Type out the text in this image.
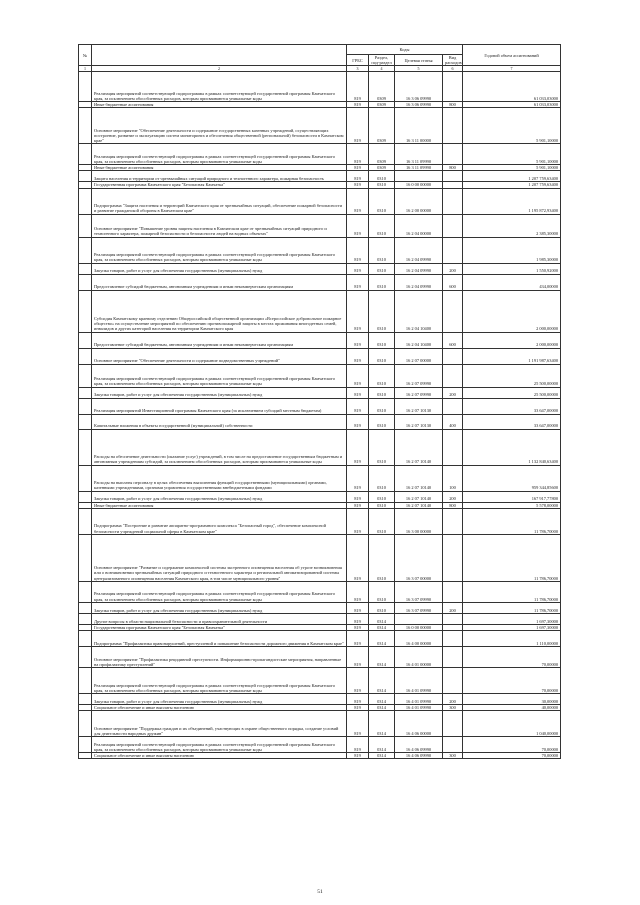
№		Коды				Годовой объем ассигнований
		ГРБС	Раздел, под-раздел	Целевая статья	Вид расходов	
1	2	3	4	5	6	7
	Реализация мероприятий соответствующей подпрограммы в рамках соответствующей государственной программы Камчатского края, за исключением обособленных расходов, которым присваиваются уникальные коды	819	0309	16 3 06 09990		61 033,03000
	Иные бюджетные ассигнования	819	0309	16 3 06 09990	800	61 033,03000
	Основное мероприятие "Обеспечение деятельности и содержание государственных казенных учреждений, осуществляющих построение, развитие и эксплуатацию систем мониторинга и обеспечения общественной (региональной) безопасности в Камчатском крае"	819	0309	16 3 11 00000		5 901,10000
	Реализация мероприятий соответствующей подпрограммы в рамках соответствующей государственной программы Камчатского края, за исключением обособленных расходов, которым присваиваются уникальные коды	819	0309	16 3 11 09990		5 901,10000
	Иные бюджетные ассигнования	819	0309	16 3 11 09990	800	5 901,10000
	Защита населения и территории от чрезвычайных ситуаций природного и техногенного характера, пожарная безопасность	819	0310			1 207 759,63400
	Государственная программа Камчатского края "Безопасная Камчатка"	819	0310	16 0 00 00000		1 207 759,63400
	Подпрограмма "Защита населения и территорий Камчатского края от чрезвычайных ситуаций, обеспечение пожарной безопасности и развитие гражданской обороны в Камчатском крае"	819	0310	16 2 00 00000		1 195 872,93400
	Основное мероприятие "Повышение уровня защиты населения в Камчатском крае от чрезвычайных ситуаций природного и техногенного характера, пожарной безопасности и безопасности людей на водных объектах"	819	0310	16 2 04 00000		2 385,30000
	Реализация мероприятий соответствующей подпрограммы в рамках соответствующей государственной программы Камчатского края, за исключением обособленных расходов, которым присваиваются уникальные коды	819	0310	16 2 04 09990		1 985,30000
	Закупка товаров, работ и услуг для обеспечения государственных (муниципальных) нужд	819	0310	16 2 04 09990	200	1 550,92000
	Предоставление субсидий бюджетным, автономным учреждениям и иным некоммерческим организациям	819	0310	16 2 04 09990	600	434,00000
	Субсидия Камчатскому краевому отделению Общероссийской общественной организации «Всероссийское добровольное пожарное общество» на осуществление мероприятий по обеспечению противопожарной защиты в местах проживания многодетных семей, инвалидов и других категорий населения на территории Камчатского края	819	0310	16 2 04 10400		2 000,00000
	Предоставление субсидий бюджетным, автономным учреждениям и иным некоммерческим организациям	819	0310	16 2 04 10400	600	2 000,00000
	Основное мероприятие "Обеспечение деятельности и содержание подведомственных учреждений"	819	0310	16 2 07 00000		1 191 987,63400
	Реализация мероприятий соответствующей подпрограммы в рамках соответствующей государственной программы Камчатского края, за исключением обособленных расходов, которым присваиваются уникальные коды	819	0310	16 2 07 09990		25 500,00000
	Закупка товаров, работ и услуг для обеспечения государственных (муниципальных) нужд	819	0310	16 2 07 09990	200	25 500,00000
	Реализация мероприятий Инвестиционной программы Камчатского края (за исключением субсидий местным бюджетам)	819	0310	16 2 07 10130		33 647,00000
	Капитальные вложения в объекты государственной (муниципальной) собственности	819	0310	16 2 07 10130	400	33 647,00000
	Расходы на обеспечение деятельности (оказание услуг) учреждений, в том числе на предоставление государственным бюджетным и автономным учреждениям субсидий, за исключением обособленных расходов, которым присваиваются уникальные коды	819	0310	16 2 07 10140		1 132 840,63400
	Расходы на выплаты персоналу в целях обеспечения выполнения функций государственными (муниципальными) органами, казенными учреждениями, органами управления государственными внебюджетными фондами	819	0310	16 2 07 10140	100	959 344,85600
	Закупка товаров, работ и услуг для обеспечения государственных (муниципальных) нужд	819	0310	16 2 07 10140	200	167 917,77800
	Иные бюджетные ассигнования	819	0310	16 2 07 10140	800	5 578,00000
	Подпрограмма "Построение и развитие аппаратно-программного комплекса "Безопасный город", обеспечение комплексной безопасности учреждений социальной сферы в Камчатском крае"	819	0310	16 3 00 00000		11 786,70000
	Основное мероприятие "Развитие и содержание комплексной системы экстренного оповещения населения об угрозе возникновения или о возникновении чрезвычайных ситуаций природного и техногенного характера и региональной автоматизированной системы централизованного оповещения населения Камчатского края, в том числе муниципального уровня"	819	0310	16 3 07 00000		11 786,70000
	Реализация мероприятий соответствующей подпрограммы в рамках соответствующей государственной программы Камчатского края, за исключением обособленных расходов, которым присваиваются уникальные коды	819	0310	16 3 07 09990		11 786,70000
	Закупка товаров, работ и услуг для обеспечения государственных (муниципальных) нужд	819	0310	16 3 07 09990	200	11 786,70000
	Другие вопросы в области национальной безопасности и правоохранительной деятельности	819	0314			1 697,30000
	Государственная программа Камчатского края "Безопасная Камчатка"	819	0314	16 0 00 00000		1 697,30000
	Подпрограмма "Профилактика правонарушений, преступлений и повышение безопасности дорожного движения в Камчатском крае"	819	0314	16 4 00 00000		1 110,00000
	Основное мероприятие "Профилактика рецидивной преступности. Информационно-пропагандистские мероприятия, направленные на профилактику преступлений"	819	0314	16 4 01 00000		70,00000
	Реализация мероприятий соответствующей подпрограммы в рамках соответствующей государственной программы Камчатского края, за исключением обособленных расходов, которым присваиваются уникальные коды	819	0314	16 4 01 09990		70,00000
	Закупка товаров, работ и услуг для обеспечения государственных (муниципальных) нужд	819	0314	16 4 01 09990	200	30,00000
	Социальное обеспечение и иные выплаты населению	819	0314	16 4 01 09990	300	40,00000
	Основное мероприятие "Поддержка граждан и их объединений, участвующих в охране общественного порядка, создание условий для деятельности народных дружин"	819	0314	16 4 06 00000		1 040,00000
	Реализация мероприятий соответствующей подпрограммы в рамках соответствующей государственной программы Камчатского края, за исключением обособленных расходов, которым присваиваются уникальные коды	819	0314	16 4 06 09990		70,00000
	Социальное обеспечение и иные выплаты населению	819	0314	16 4 06 09990	300	70,00000
51
